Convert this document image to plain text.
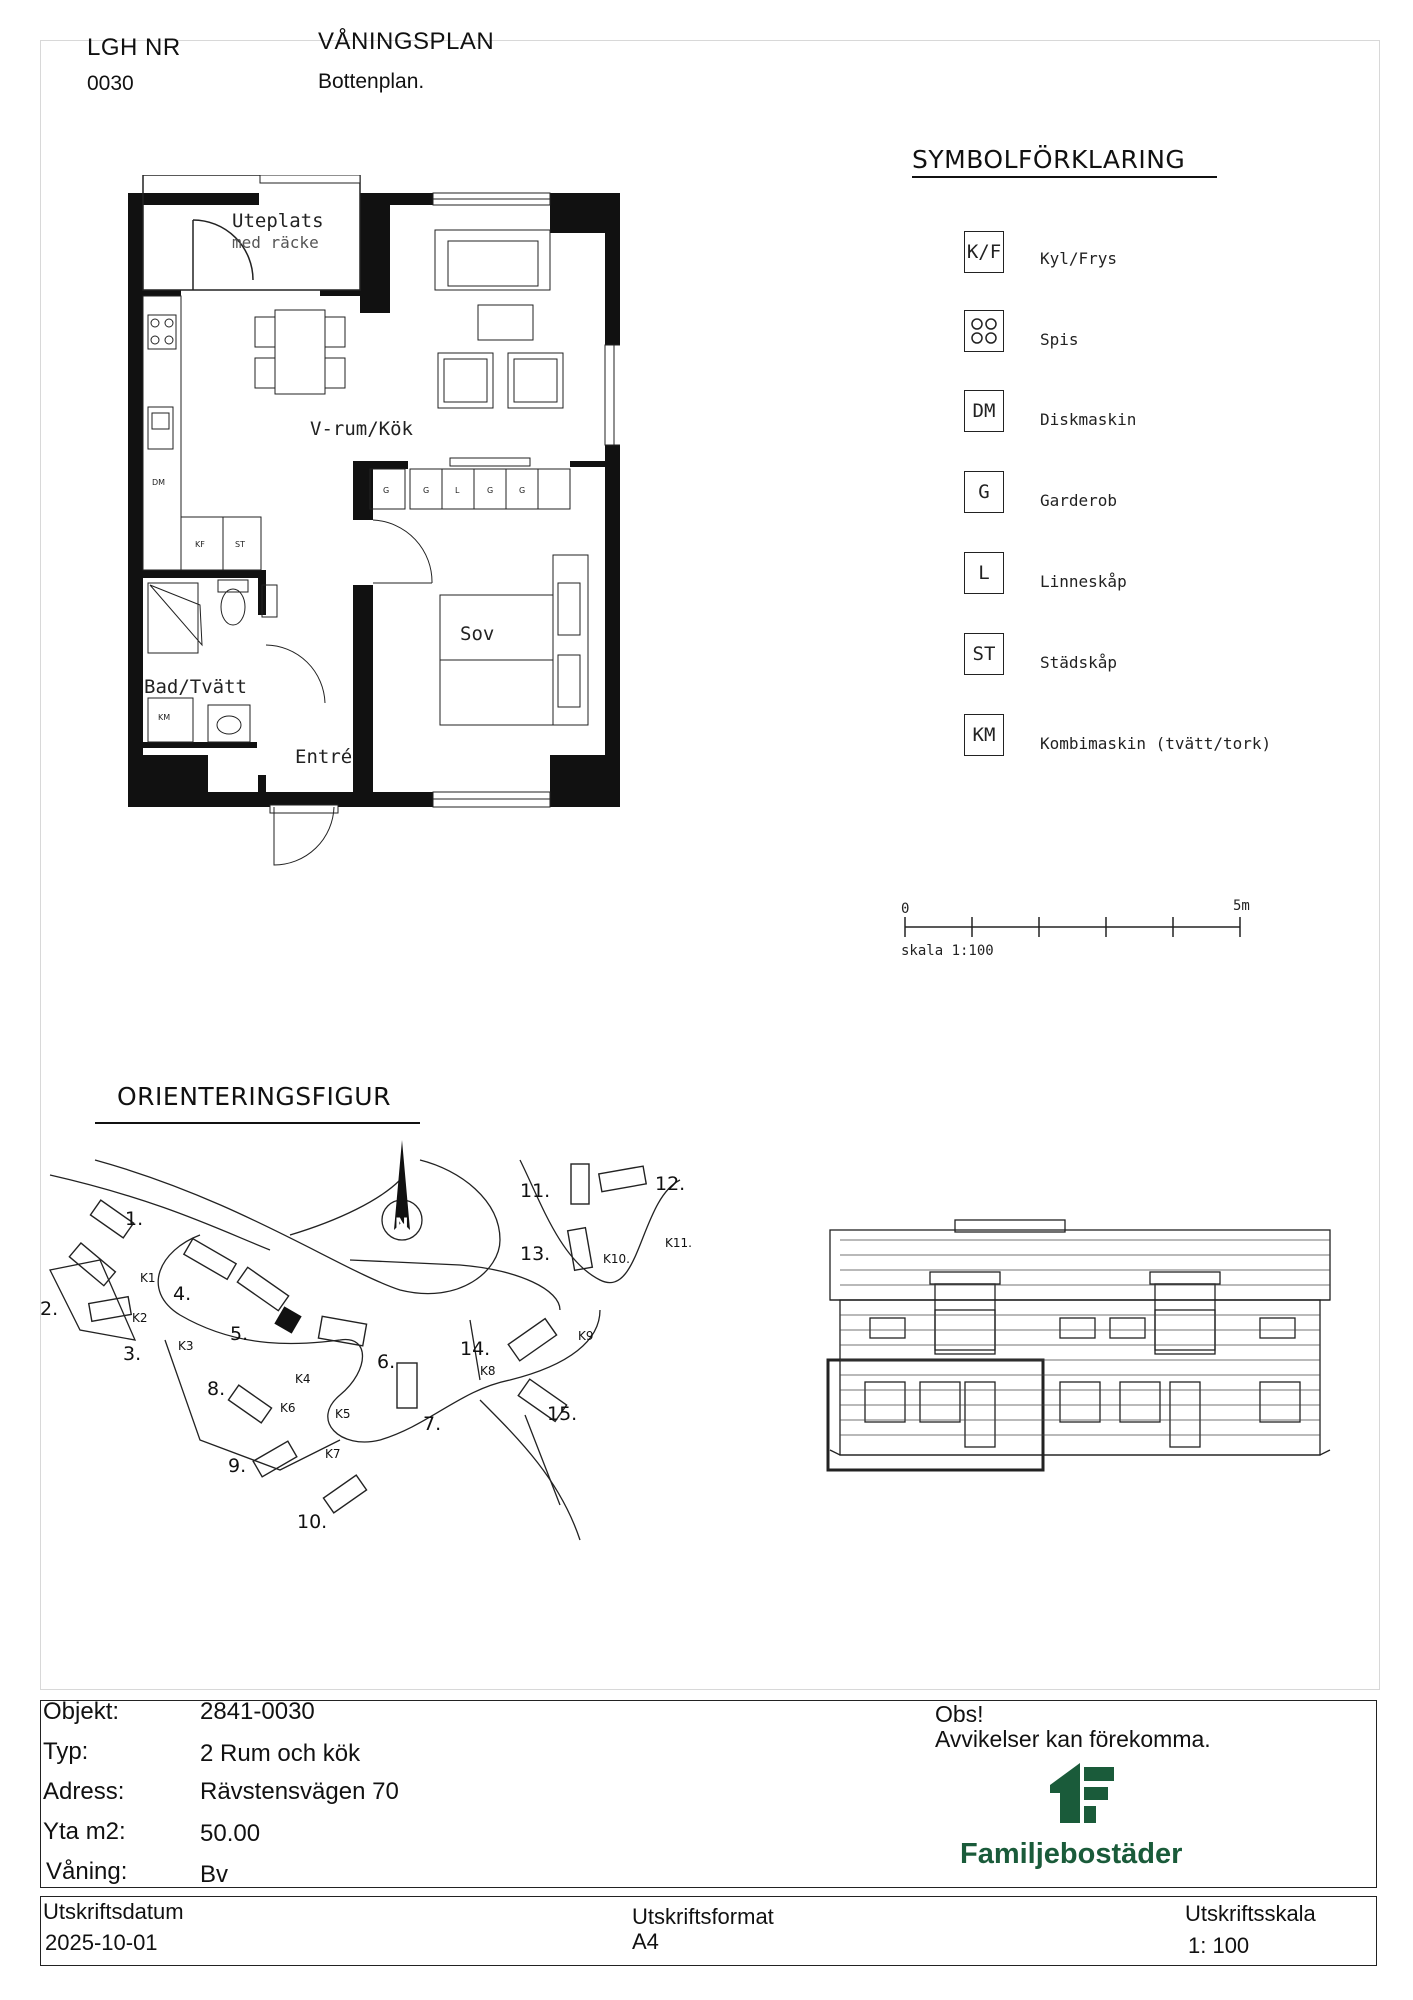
LGH NR
0030
VÅNINGSPLAN
Bottenplan.
Uteplats
med räcke
V-rum/Kök
Sov
Bad/Tvätt
Entré
G	G	L	G	G
KF	ST
DM
KM
SYMBOLFÖRKLARING
K/F Kyl/Frys
Spis
DM	Diskmaskin
G	Garderob
L	Linneskåp
ST	Städskåp
KM	Kombimaskin (tvätt/tork)
0	5m
skala 1:100
ORIENTERINGSFIGUR
N
1.
2.
3.
4.
5.
6.
7.
8.
9.
10.
11.	12.
13.
14.
15.
K1
K2
K3
K4
K5
K6
K7
K8
K9
K10.
K11.
Objekt:	2841-0030
Typ:	2 Rum och kök
Adress:	Rävstensvägen 70
Yta m2:	50.00
Våning:	Bv
Obs!
Avvikelser kan förekomma.
Familjebostäder
Utskriftsdatum
2025-10-01
Utskriftsformat
A4
Utskriftsskala
1: 100
